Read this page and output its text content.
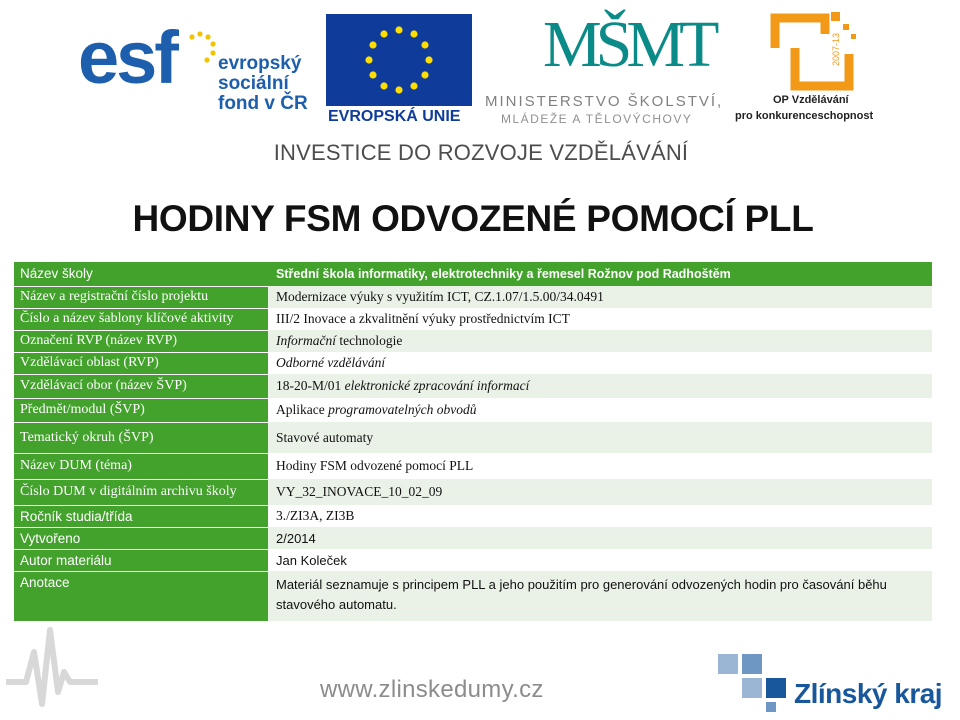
esf evropský
sociální
fond v ČR
EVROPSKÁ UNIE
MŠMT
MINISTERSTVO ŠKOLSTVÍ,
MLÁDEŽE A TĚLOVÝCHOVY
2007-13
OP Vzdělávání
pro konkurenceschopnost
INVESTICE DO ROZVOJE VZDĚLÁVÁNÍ
HODINY FSM ODVOZENÉ POMOCÍ PLL
Název školy	Střední škola informatiky, elektrotechniky a řemesel Rožnov pod Radhoštěm
Název a registrační číslo projektu	Modernizace výuky s využitím ICT, CZ.1.07/1.5.00/34.0491
Číslo a název šablony klíčové aktivity	III/2 Inovace a zkvalitnění výuky prostřednictvím ICT
Označení RVP (název RVP)	Informační technologie
Vzdělávací oblast (RVP)	Odborné vzdělávání
Vzdělávací obor (název ŠVP)	18-20-M/01 elektronické zpracování informací
Předmět/modul (ŠVP)	Aplikace programovatelných obvodů
Tematický okruh (ŠVP)	Stavové automaty
Název DUM (téma)	Hodiny FSM odvozené pomocí PLL
Číslo DUM v digitálním archivu školy	VY_32_INOVACE_10_02_09
Ročník studia/třída	3./ZI3A, ZI3B
Vytvořeno	2/2014
Autor materiálu	Jan Koleček
Anotace	Materiál seznamuje s principem PLL a jeho použitím pro generování odvozených hodin pro časování běhu stavového automatu.
www.zlinskedumy.cz	Zlínský kraj
